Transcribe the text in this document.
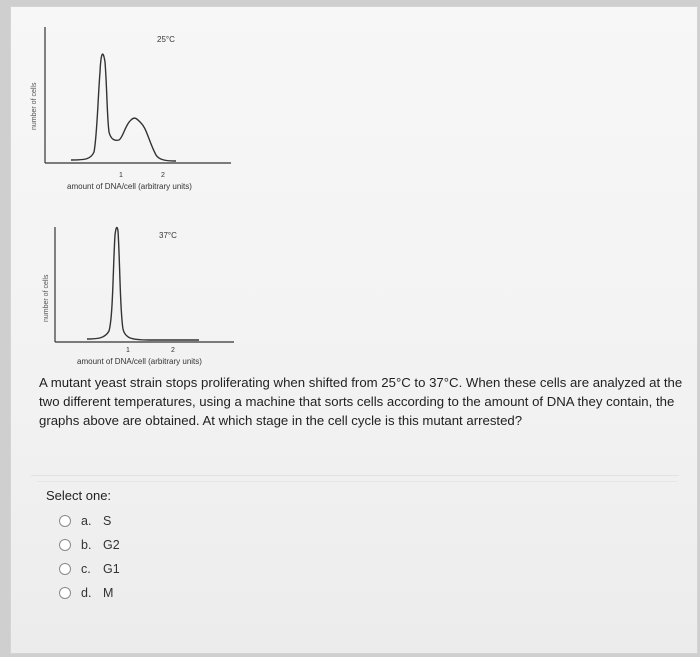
25°C
number of cells
1	2
amount of DNA/cell (arbitrary units)
37°C
number of cells
1	2
amount of DNA/cell (arbitrary units)
A mutant yeast strain stops proliferating when shifted from 25°C to 37°C. When these cells are analyzed at the two different temperatures, using a machine that sorts cells according to the amount of DNA they contain, the graphs above are obtained. At which stage in the cell cycle is this mutant arrested?
Select one:
a. S
b. G2
c. G1
d. M
